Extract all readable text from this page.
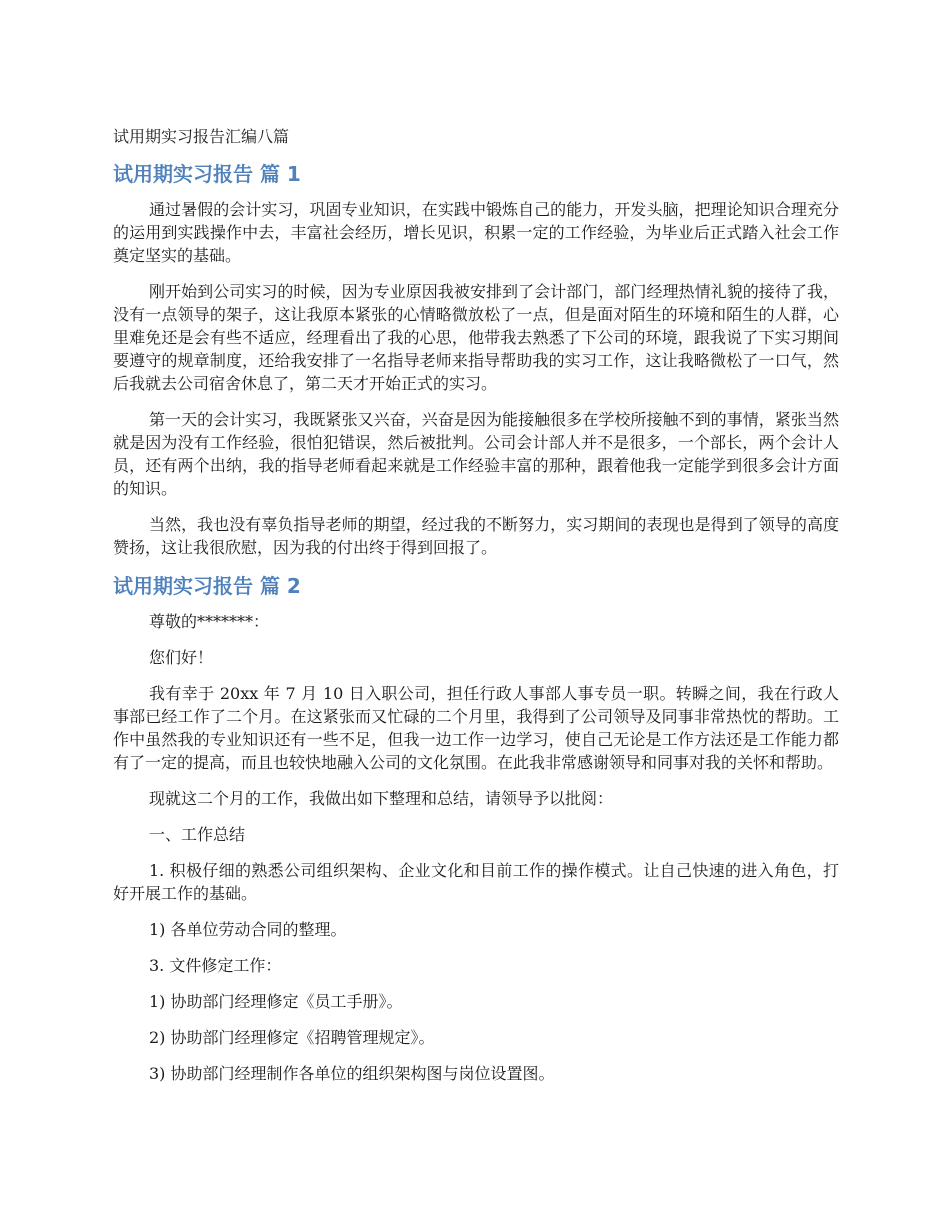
试用期实习报告汇编八篇
试用期实习报告 篇 1

通过暑假的会计实习，巩固专业知识，在实践中锻炼自己的能力，开发头脑，把理论知识合理充分的运用到实践操作中去，丰富社会经历，增长见识，积累一定的工作经验，为毕业后正式踏入社会工作奠定坚实的基础。

刚开始到公司实习的时候，因为专业原因我被安排到了会计部门，部门经理热情礼貌的接待了我，没有一点领导的架子，这让我原本紧张的心情略微放松了一点，但是面对陌生的环境和陌生的人群，心里难免还是会有些不适应，经理看出了我的心思，他带我去熟悉了下公司的环境，跟我说了下实习期间要遵守的规章制度，还给我安排了一名指导老师来指导帮助我的实习工作，这让我略微松了一口气，然后我就去公司宿舍休息了，第二天才开始正式的实习。

第一天的会计实习，我既紧张又兴奋，兴奋是因为能接触很多在学校所接触不到的事情，紧张当然就是因为没有工作经验，很怕犯错误，然后被批判。公司会计部人并不是很多，一个部长，两个会计人员，还有两个出纳，我的指导老师看起来就是工作经验丰富的那种，跟着他我一定能学到很多会计方面的知识。

当然，我也没有辜负指导老师的期望，经过我的不断努力，实习期间的表现也是得到了领导的高度赞扬，这让我很欣慰，因为我的付出终于得到回报了。

试用期实习报告 篇 2

尊敬的*******：

您们好！

我有幸于 20xx 年 7 月 10 日入职公司，担任行政人事部人事专员一职。转瞬之间，我在行政人事部已经工作了二个月。在这紧张而又忙碌的二个月里，我得到了公司领导及同事非常热忱的帮助。工作中虽然我的专业知识还有一些不足，但我一边工作一边学习，使自己无论是工作方法还是工作能力都有了一定的提高，而且也较快地融入公司的文化氛围。在此我非常感谢领导和同事对我的关怀和帮助。

现就这二个月的工作，我做出如下整理和总结，请领导予以批阅：

一、工作总结

1. 积极仔细的熟悉公司组织架构、企业文化和目前工作的操作模式。让自己快速的进入角色，打好开展工作的基础。

1) 各单位劳动合同的整理。

3. 文件修定工作：

1) 协助部门经理修定《员工手册》。

2) 协助部门经理修定《招聘管理规定》。

3) 协助部门经理制作各单位的组织架构图与岗位设置图。
